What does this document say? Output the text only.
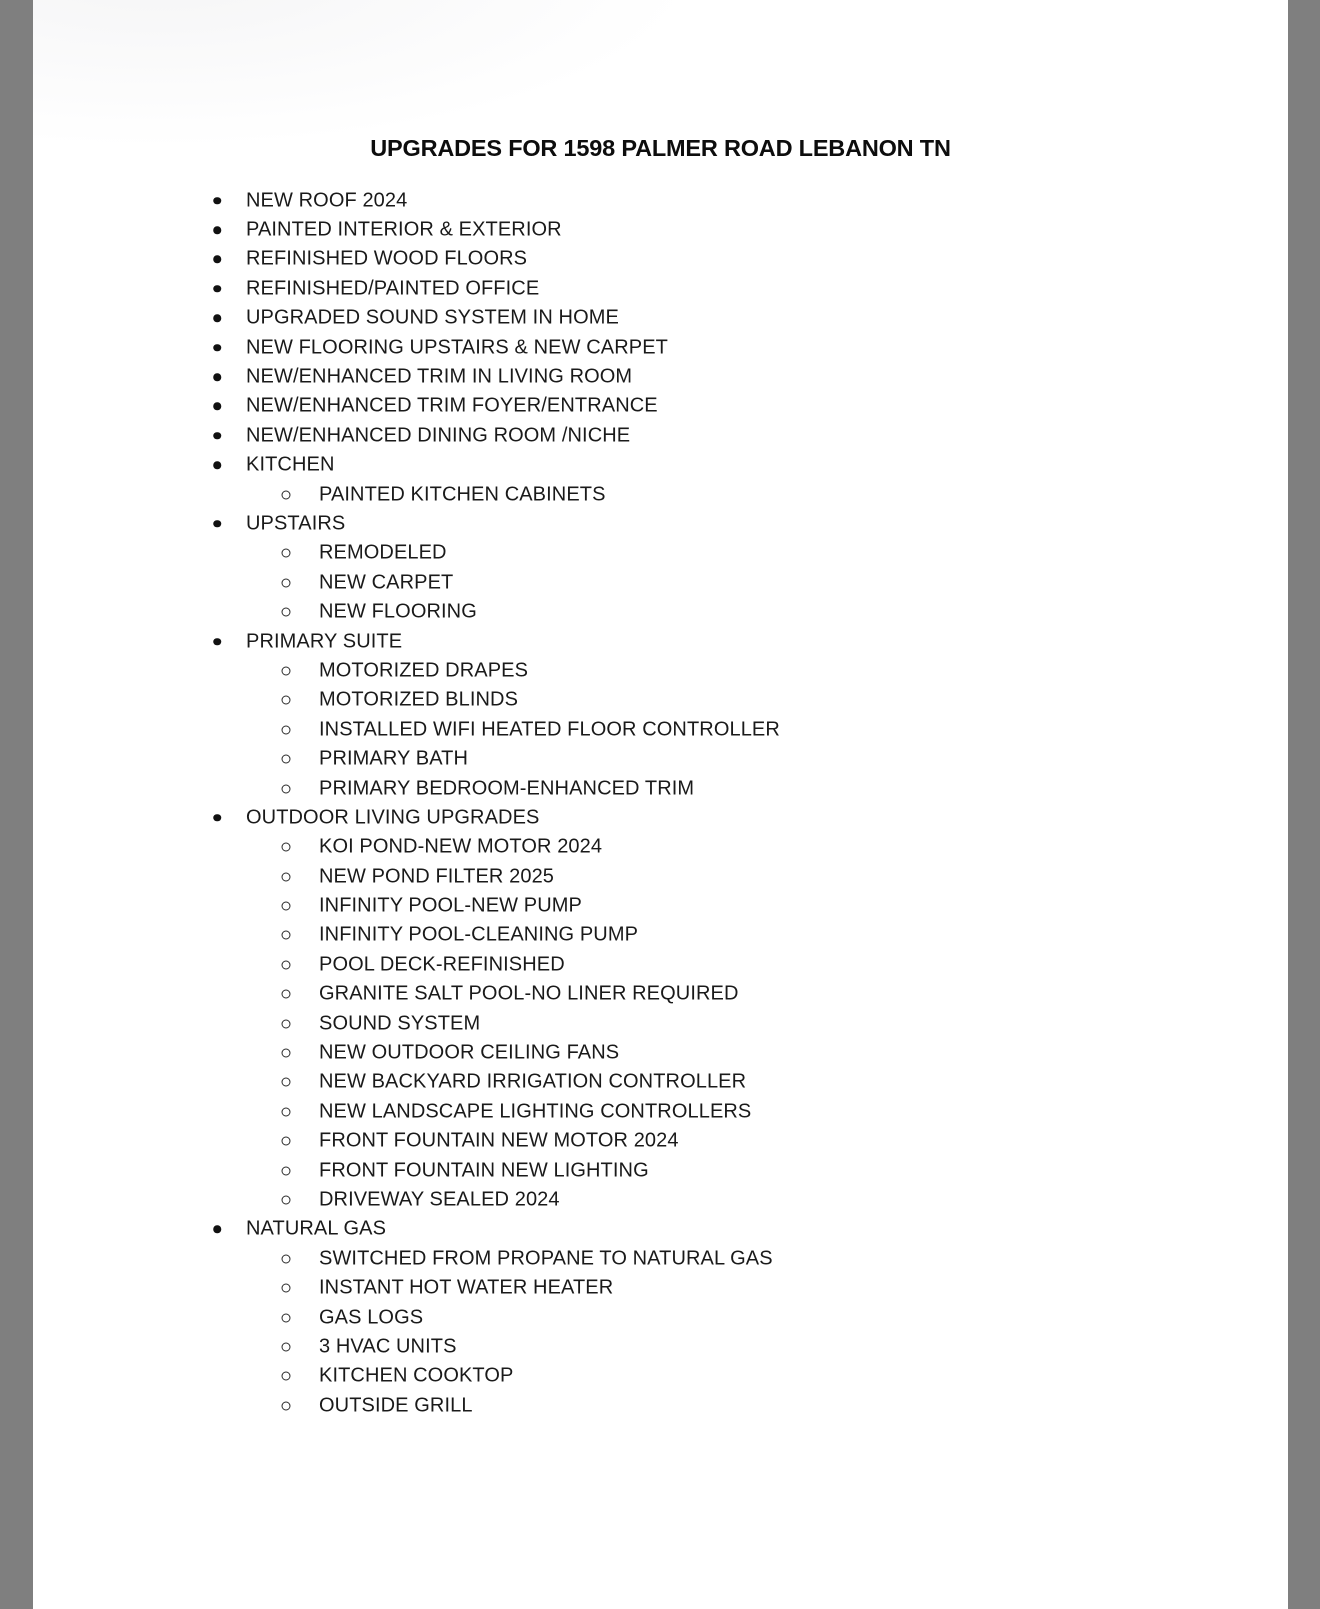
UPGRADES FOR 1598 PALMER ROAD LEBANON TN
NEW ROOF 2024
PAINTED INTERIOR & EXTERIOR
REFINISHED WOOD FLOORS
REFINISHED/PAINTED OFFICE
UPGRADED SOUND SYSTEM IN HOME
NEW FLOORING UPSTAIRS & NEW CARPET
NEW/ENHANCED TRIM IN LIVING ROOM
NEW/ENHANCED TRIM FOYER/ENTRANCE
NEW/ENHANCED DINING ROOM /NICHE
KITCHEN
PAINTED KITCHEN CABINETS
UPSTAIRS
REMODELED
NEW CARPET
NEW FLOORING
PRIMARY SUITE
MOTORIZED DRAPES
MOTORIZED BLINDS
INSTALLED WIFI HEATED FLOOR CONTROLLER
PRIMARY BATH
PRIMARY BEDROOM-ENHANCED TRIM
OUTDOOR LIVING UPGRADES
KOI POND-NEW MOTOR 2024
NEW POND FILTER 2025
INFINITY POOL-NEW PUMP
INFINITY POOL-CLEANING PUMP
POOL DECK-REFINISHED
GRANITE SALT POOL-NO LINER REQUIRED
SOUND SYSTEM
NEW OUTDOOR CEILING FANS
NEW BACKYARD IRRIGATION CONTROLLER
NEW LANDSCAPE LIGHTING CONTROLLERS
FRONT FOUNTAIN NEW MOTOR 2024
FRONT FOUNTAIN NEW LIGHTING
DRIVEWAY SEALED 2024
NATURAL GAS
SWITCHED FROM PROPANE TO NATURAL GAS
INSTANT HOT WATER HEATER
GAS LOGS
3 HVAC UNITS
KITCHEN COOKTOP
OUTSIDE GRILL
